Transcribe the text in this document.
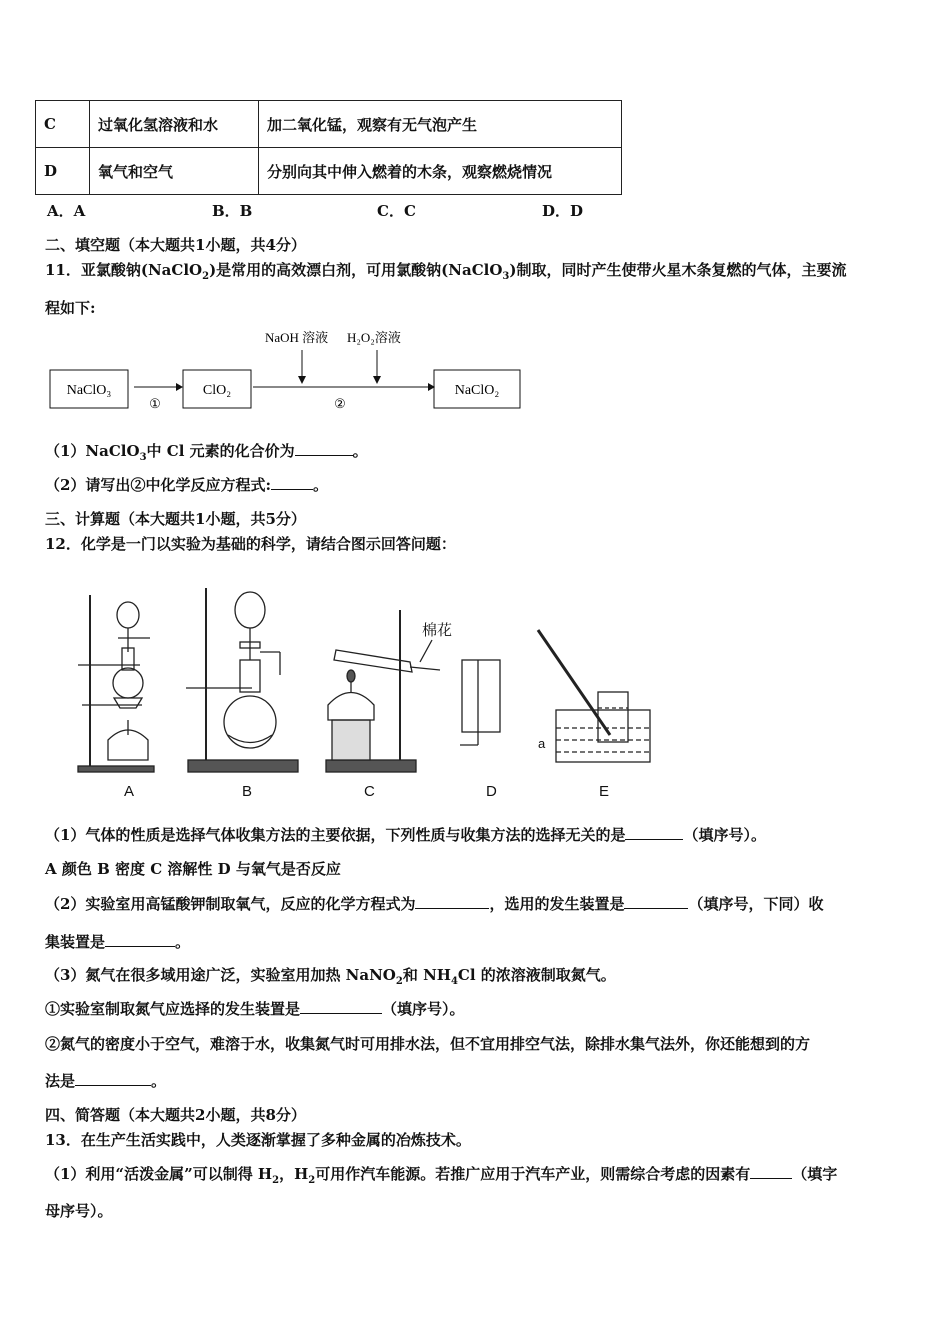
C	过氧化氢溶液和水	加二氧化锰，观察有无气泡产生
D	氧气和空气	分别向其中伸入燃着的木条，观察燃烧情况
A．A	B．B	C．C	D．D
二、填空题（本大题共1小题，共4分）
11．亚氯酸钠(NaClO$_2$)是常用的高效漂白剂，可用氯酸钠(NaClO$_3$)制取，同时产生使带火星木条复燃的气体，主要流
程如下:
NaClO₃
①
ClO₂
②
NaOH 溶液 H₂O₂溶液
NaClO₂
（1）NaClO$_3$中 Cl 元素的化合价为	。
（2）请写出②中化学反应方程式:	。
三、计算题（本大题共1小题，共5分）
12．化学是一门以实验为基础的科学，请结合图示回答问题：
棉花
a
A	B	C	D	E
（1）气体的性质是选择气体收集方法的主要依据，下列性质与收集方法的选择无关的是	（填序号）。
A 颜色 B 密度 C 溶解性 D 与氧气是否反应
（2）实验室用高锰酸钾制取氧气，反应的化学方程式为	，选用的发生装置是	（填序号，下同）收
集装置是	。
（3）氮气在很多域用途广泛，实验室用加热 NaNO$_2$和 $NH_4Cl$ 的浓溶液制取氮气。
①实验室制取氮气应选择的发生装置是	（填序号）。
②氮气的密度小于空气，难溶于水，收集氮气时可用排水法，但不宜用排空气法，除排水集气法外，你还能想到的方
法是	。
四、简答题（本大题共2小题，共8分）
13．在生产生活实践中，人类逐渐掌握了多种金属的冶炼技术。
（1）利用“活泼金属”可以制得 $H_2$，$H_2$可用作汽车能源。若推广应用于汽车产业，则需综合考虑的因素有	（填字
母序号）。
